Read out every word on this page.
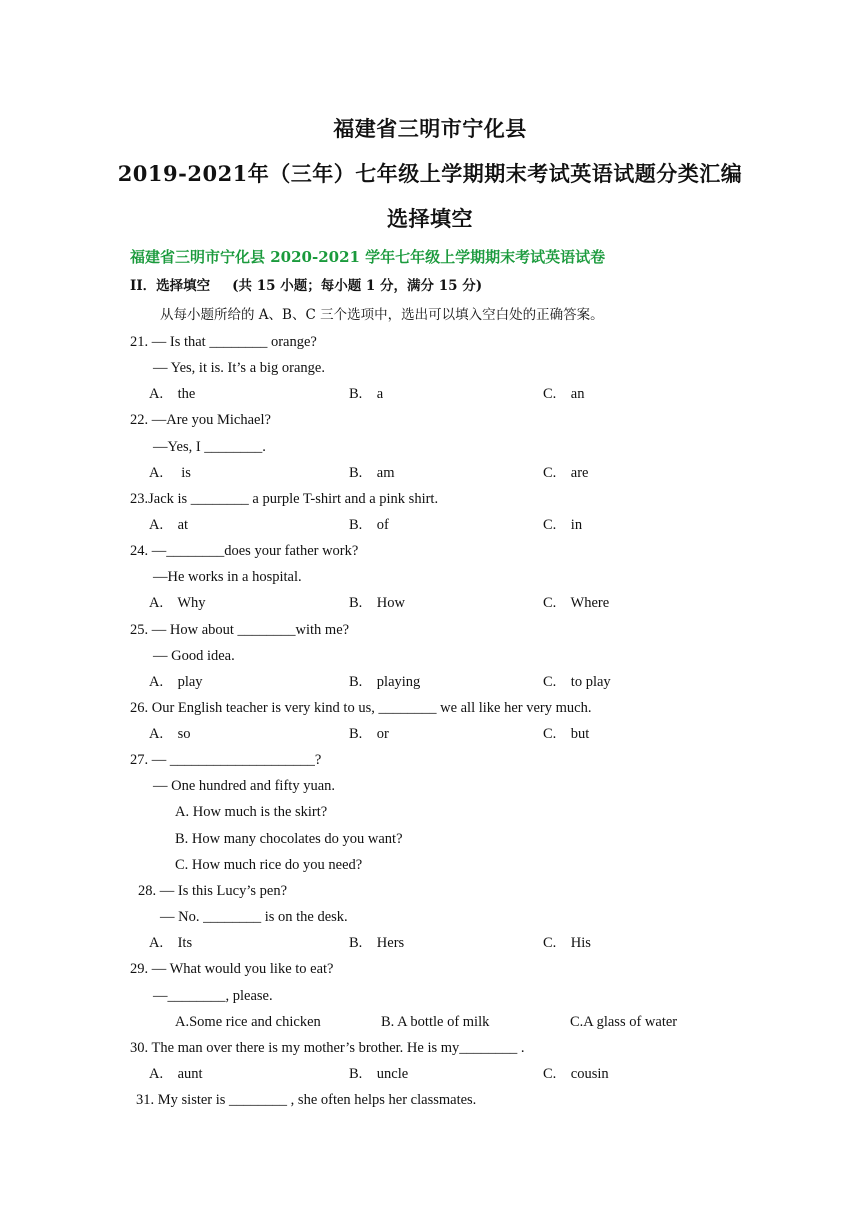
福建省三明市宁化县
2019-2021年（三年）七年级上学期期末考试英语试题分类汇编
选择填空
福建省三明市宁化县 2020-2021 学年七年级上学期期末考试英语试卷
II．选择填空 (共 15 小题；每小题 1 分，满分 15 分)
从每小题所给的 A、B、C 三个选项中，选出可以填入空白处的正确答案。
21. — Is that ________ orange?
— Yes, it is. It’s a big orange.
A.    the	B.    a	C.    an
22. —Are you Michael?
—Yes, I ________.
A.     is	B.    am	C.    are
23.Jack is ________ a purple T-shirt and a pink shirt.
A.    at	B.    of	C.    in
24. —________does your father work?
—He works in a hospital.
A.    Why	B.    How	C.    Where
25. — How about ________with me?
— Good idea.
A.    play	B.    playing	C.    to play
26. Our English teacher is very kind to us, ________ we all like her very much.
A.    so	B.    or	C.    but
27. — ____________________?
— One hundred and fifty yuan.
A. How much is the skirt?
B. How many chocolates do you want?
C. How much rice do you need?
28. — Is this Lucy’s pen?
— No. ________ is on the desk.
A.    Its	B.    Hers	C.    His
29. — What would you like to eat?
—________, please.
A.Some rice and chicken	B. A bottle of milk	C.A glass of water
30. The man over there is my mother’s brother. He is my________ .
A.    aunt	B.    uncle	C.    cousin
31. My sister is ________ , she often helps her classmates.
